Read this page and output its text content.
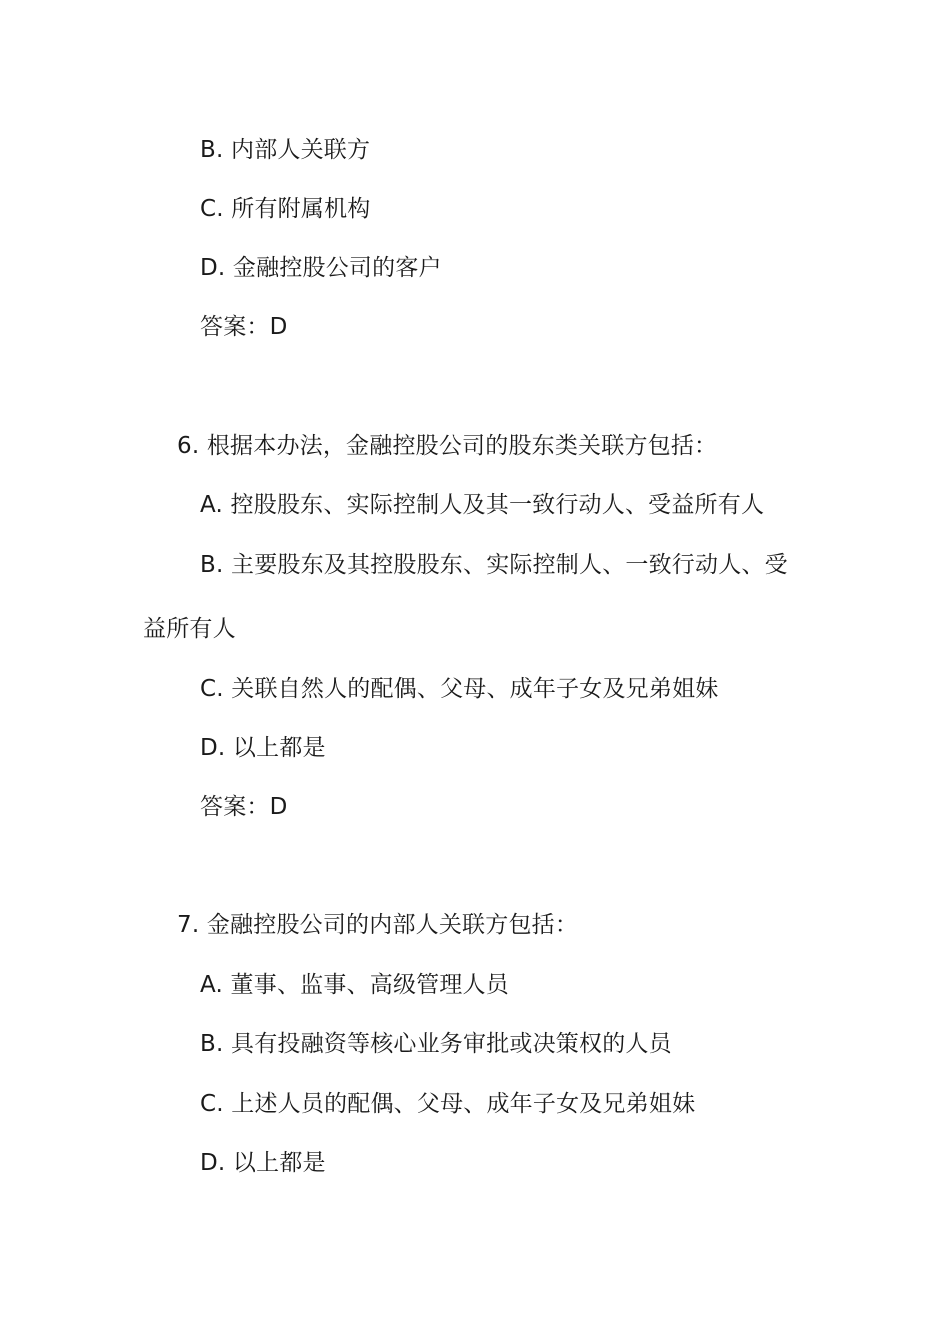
B. 内部人关联方
C. 所有附属机构
D. 金融控股公司的客户
答案：D
6. 根据本办法，金融控股公司的股东类关联方包括：
A. 控股股东、实际控制人及其一致行动人、受益所有人
B. 主要股东及其控股股东、实际控制人、一致行动人、受
益所有人
C. 关联自然人的配偶、父母、成年子女及兄弟姐妹
D. 以上都是
答案：D
7. 金融控股公司的内部人关联方包括：
A. 董事、监事、高级管理人员
B. 具有投融资等核心业务审批或决策权的人员
C. 上述人员的配偶、父母、成年子女及兄弟姐妹
D. 以上都是
